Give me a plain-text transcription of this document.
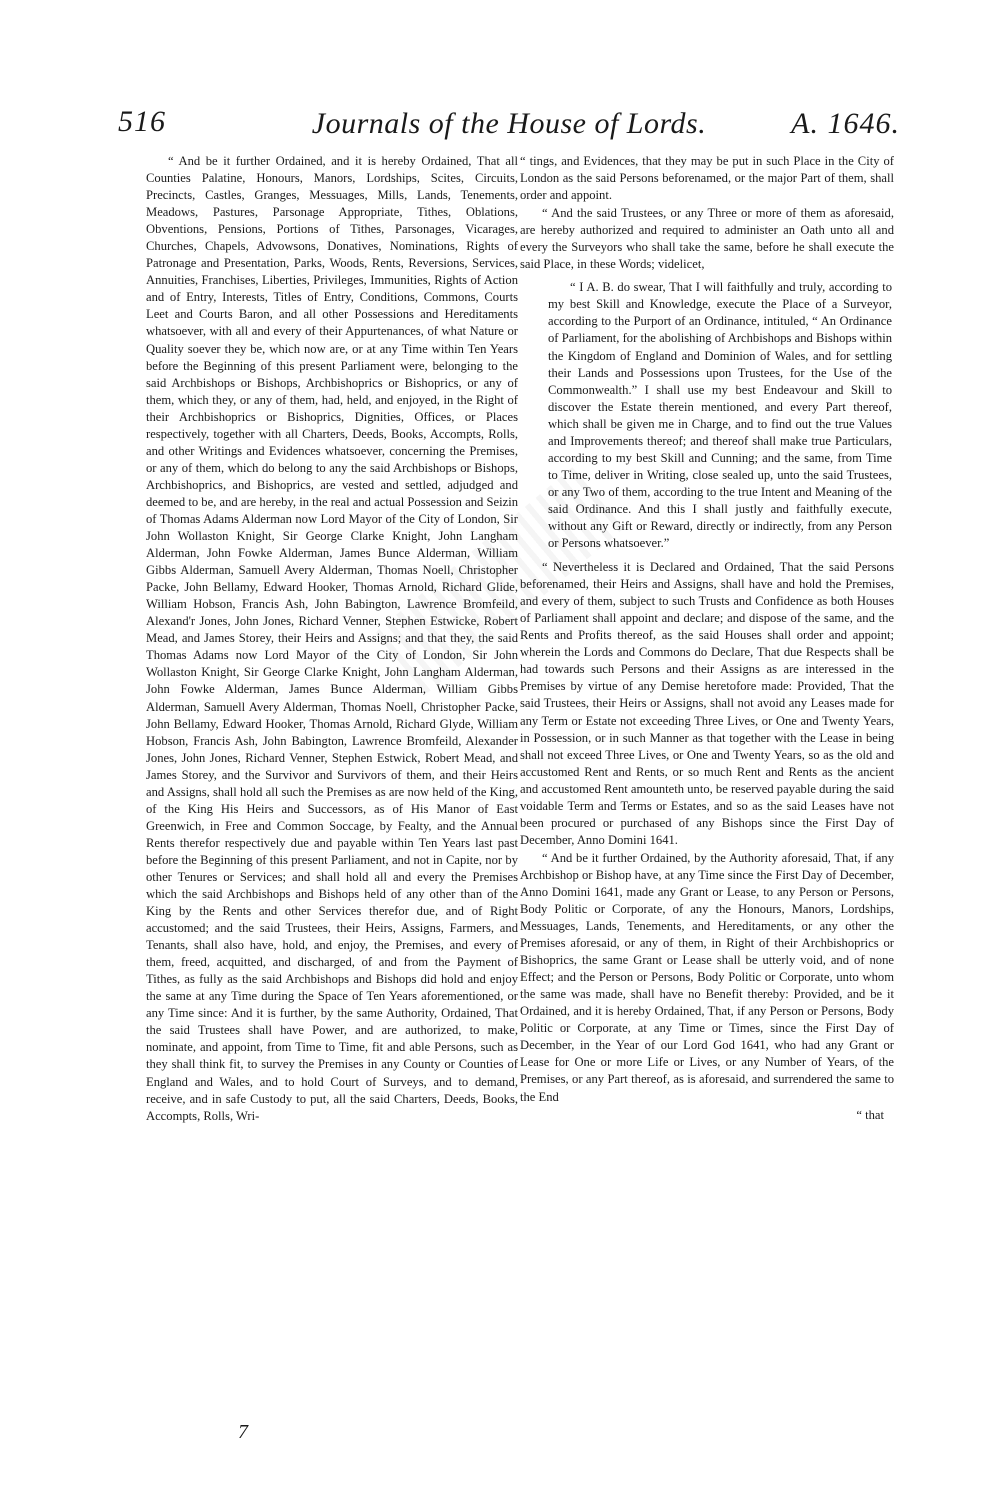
516	Journals of the House of Lords.	A. 1646.

“ And be it further Ordained, and it is hereby Ordained, That all Counties Palatine, Honours, Manors, Lordships, Scites, Circuits, Precincts, Castles, Granges, Messuages, Mills, Lands, Tenements, Meadows, Pastures, Parsonage Appropriate, Tithes, Oblations, Obventions, Pensions, Portions of Tithes, Parsonages, Vicarages, Churches, Chapels, Advowsons, Donatives, Nominations, Rights of Patronage and Presentation, Parks, Woods, Rents, Reversions, Services, Annuities, Franchises, Liberties, Privileges, Immunities, Rights of Action and of Entry, Interests, Titles of Entry, Conditions, Commons, Courts Leet and Courts Baron, and all other Possessions and Hereditaments whatsoever, with all and every of their Appurtenances, of what Nature or Quality soever they be, which now are, or at any Time within Ten Years before the Beginning of this present Parliament were, belonging to the said Archbishops or Bishops, Archbishoprics or Bishoprics, or any of them, which they, or any of them, had, held, and enjoyed, in the Right of their Archbishoprics or Bishoprics, Dignities, Offices, or Places respectively, together with all Charters, Deeds, Books, Accompts, Rolls, and other Writings and Evidences whatsoever, concerning the Premises, or any of them, which do belong to any the said Archbishops or Bishops, Archbishoprics, and Bishoprics, are vested and settled, adjudged and deemed to be, and are hereby, in the real and actual Possession and Seizin of Thomas Adams Alderman now Lord Mayor of the City of London, Sir John Wollaston Knight, Sir George Clarke Knight, John Langham Alderman, John Fowke Alderman, James Bunce Alderman, William Gibbs Alderman, Samuell Avery Alderman, Thomas Noell, Christopher Packe, John Bellamy, Edward Hooker, Thomas Arnold, Richard Glide, William Hobson, Francis Ash, John Babington, Lawrence Bromfeild, Alexand'r Jones, John Jones, Richard Venner, Stephen Estwicke, Robert Mead, and James Storey, their Heirs and Assigns; and that they, the said Thomas Adams now Lord Mayor of the City of London, Sir John Wollaston Knight, Sir George Clarke Knight, John Langham Alderman, John Fowke Alderman, James Bunce Alderman, William Gibbs Alderman, Samuell Avery Alderman, Thomas Noell, Christopher Packe, John Bellamy, Edward Hooker, Thomas Arnold, Richard Glyde, William Hobson, Francis Ash, John Babington, Lawrence Bromfeild, Alexander Jones, John Jones, Richard Venner, Stephen Estwick, Robert Mead, and James Storey, and the Survivor and Survivors of them, and their Heirs and Assigns, shall hold all such the Premises as are now held of the King, of the King His Heirs and Successors, as of His Manor of East Greenwich, in Free and Common Soccage, by Fealty, and the Annual Rents therefor respectively due and payable within Ten Years last past before the Beginning of this present Parliament, and not in Capite, nor by other Tenures or Services; and shall hold all and every the Premises which the said Archbishops and Bishops held of any other than of the King by the Rents and other Services therefor due, and of Right accustomed; and the said Trustees, their Heirs, Assigns, Farmers, and Tenants, shall also have, hold, and enjoy, the Premises, and every of them, freed, acquitted, and discharged, of and from the Payment of Tithes, as fully as the said Archbishops and Bishops did hold and enjoy the same at any Time during the Space of Ten Years aforementioned, or any Time since: And it is further, by the same Authority, Ordained, That the said Trustees shall have Power, and are authorized, to make, nominate, and appoint, from Time to Time, fit and able Persons, such as they shall think fit, to survey the Premises in any County or Counties of England and Wales, and to hold Court of Surveys, and to demand, receive, and in safe Custody to put, all the said Charters, Deeds, Books, Accompts, Rolls, Wri-

“ tings, and Evidences, that they may be put in such Place in the City of London as the said Persons beforenamed, or the major Part of them, shall order and appoint.

“ And the said Trustees, or any Three or more of them as aforesaid, are hereby authorized and required to administer an Oath unto all and every the Surveyors who shall take the same, before he shall execute the said Place, in these Words; videlicet,

“ I A. B. do swear, That I will faithfully and truly, according to my best Skill and Knowledge, execute the Place of a Surveyor, according to the Purport of an Ordinance, intituled, “ An Ordinance of Parliament, for the abolishing of Archbishops and Bishops within the Kingdom of England and Dominion of Wales, and for settling their Lands and Possessions upon Trustees, for the Use of the Commonwealth.” I shall use my best Endeavour and Skill to discover the Estate therein mentioned, and every Part thereof, which shall be given me in Charge, and to find out the true Values and Improvements thereof; and thereof shall make true Particulars, according to my best Skill and Cunning; and the same, from Time to Time, deliver in Writing, close sealed up, unto the said Trustees, or any Two of them, according to the true Intent and Meaning of the said Ordinance. And this I shall justly and faithfully execute, without any Gift or Reward, directly or indirectly, from any Person or Persons whatsoever.”

“ Nevertheless it is Declared and Ordained, That the said Persons beforenamed, their Heirs and Assigns, shall have and hold the Premises, and every of them, subject to such Trusts and Confidence as both Houses of Parliament shall appoint and declare; and dispose of the same, and the Rents and Profits thereof, as the said Houses shall order and appoint; wherein the Lords and Commons do Declare, That due Respects shall be had towards such Persons and their Assigns as are interessed in the Premises by virtue of any Demise heretofore made: Provided, That the said Trustees, their Heirs or Assigns, shall not avoid any Leases made for any Term or Estate not exceeding Three Lives, or One and Twenty Years, in Possession, or in such Manner as that together with the Lease in being shall not exceed Three Lives, or One and Twenty Years, so as the old and accustomed Rent and Rents, or so much Rent and Rents as the ancient and accustomed Rent amounteth unto, be reserved payable during the said voidable Term and Terms or Estates, and so as the said Leases have not been procured or purchased of any Bishops since the First Day of December, Anno Domini 1641.

“ And be it further Ordained, by the Authority aforesaid, That, if any Archbishop or Bishop have, at any Time since the First Day of December, Anno Domini 1641, made any Grant or Lease, to any Person or Persons, Body Politic or Corporate, of any the Honours, Manors, Lordships, Messuages, Lands, Tenements, and Hereditaments, or any other the Premises aforesaid, or any of them, in Right of their Archbishoprics or Bishoprics, the same Grant or Lease shall be utterly void, and of none Effect; and the Person or Persons, Body Politic or Corporate, unto whom the same was made, shall have no Benefit thereby: Provided, and be it Ordained, and it is hereby Ordained, That, if any Person or Persons, Body Politic or Corporate, at any Time or Times, since the First Day of December, in the Year of our Lord God 1641, who had any Grant or Lease for One or more Life or Lives, or any Number of Years, of the Premises, or any Part thereof, as is aforesaid, and surrendered the same to the End

“ that
7
